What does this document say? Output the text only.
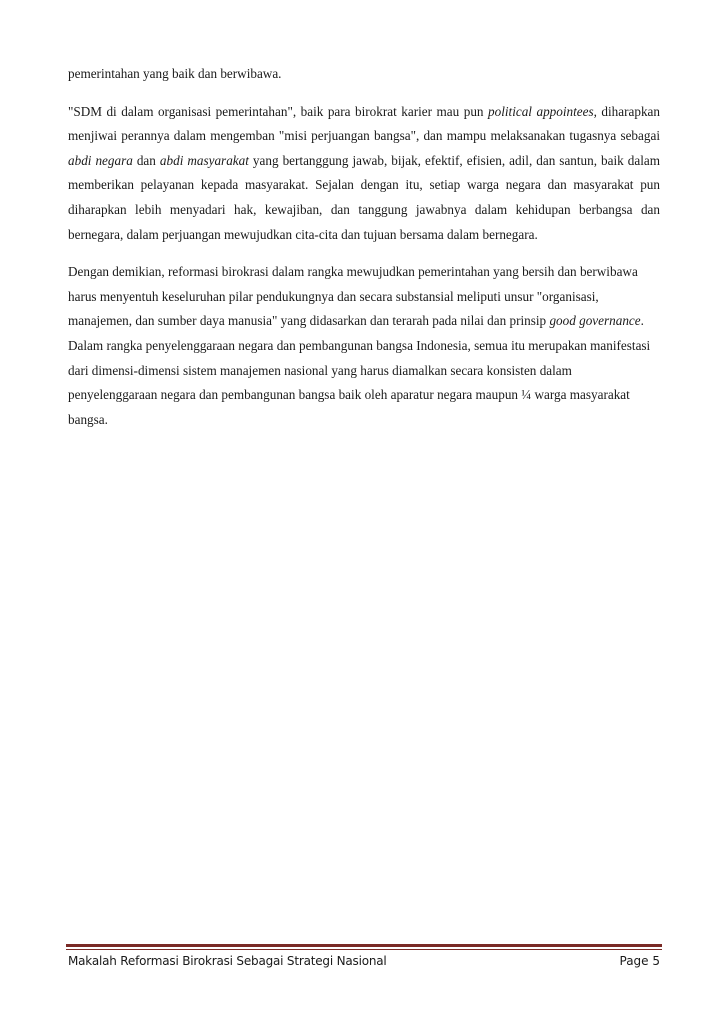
pemerintahan yang baik dan berwibawa.

"SDM di dalam organisasi pemerintahan", baik para birokrat karier mau pun political appointees, diharapkan menjiwai perannya dalam mengemban "misi perjuangan bangsa", dan mampu melaksanakan tugasnya sebagai abdi negara dan abdi masyarakat yang bertanggung jawab, bijak, efektif, efisien, adil, dan santun, baik dalam memberikan pelayanan kepada masyarakat. Sejalan dengan itu, setiap warga negara dan masyarakat pun diharapkan lebih menyadari hak, kewajiban, dan tanggung jawabnya dalam kehidupan berbangsa dan bernegara, dalam perjuangan mewujudkan cita-cita dan tujuan bersama dalam bernegara.

Dengan demikian, reformasi birokrasi dalam rangka mewujudkan pemerintahan yang bersih dan berwibawa harus menyentuh keseluruhan pilar pendukungnya dan secara substansial meliputi unsur "organisasi, manajemen, dan sumber daya manusia" yang didasarkan dan terarah pada nilai dan prinsip good governance. Dalam rangka penyelenggaraan negara dan pembangunan bangsa Indonesia, semua itu merupakan manifestasi dari dimensi-dimensi sistem manajemen nasional yang harus diamalkan secara konsisten dalam penyelenggaraan negara dan pembangunan bangsa baik oleh aparatur negara maupun ¼ warga masyarakat bangsa.

Makalah Reformasi Birokrasi Sebagai Strategi Nasional	Page 5
